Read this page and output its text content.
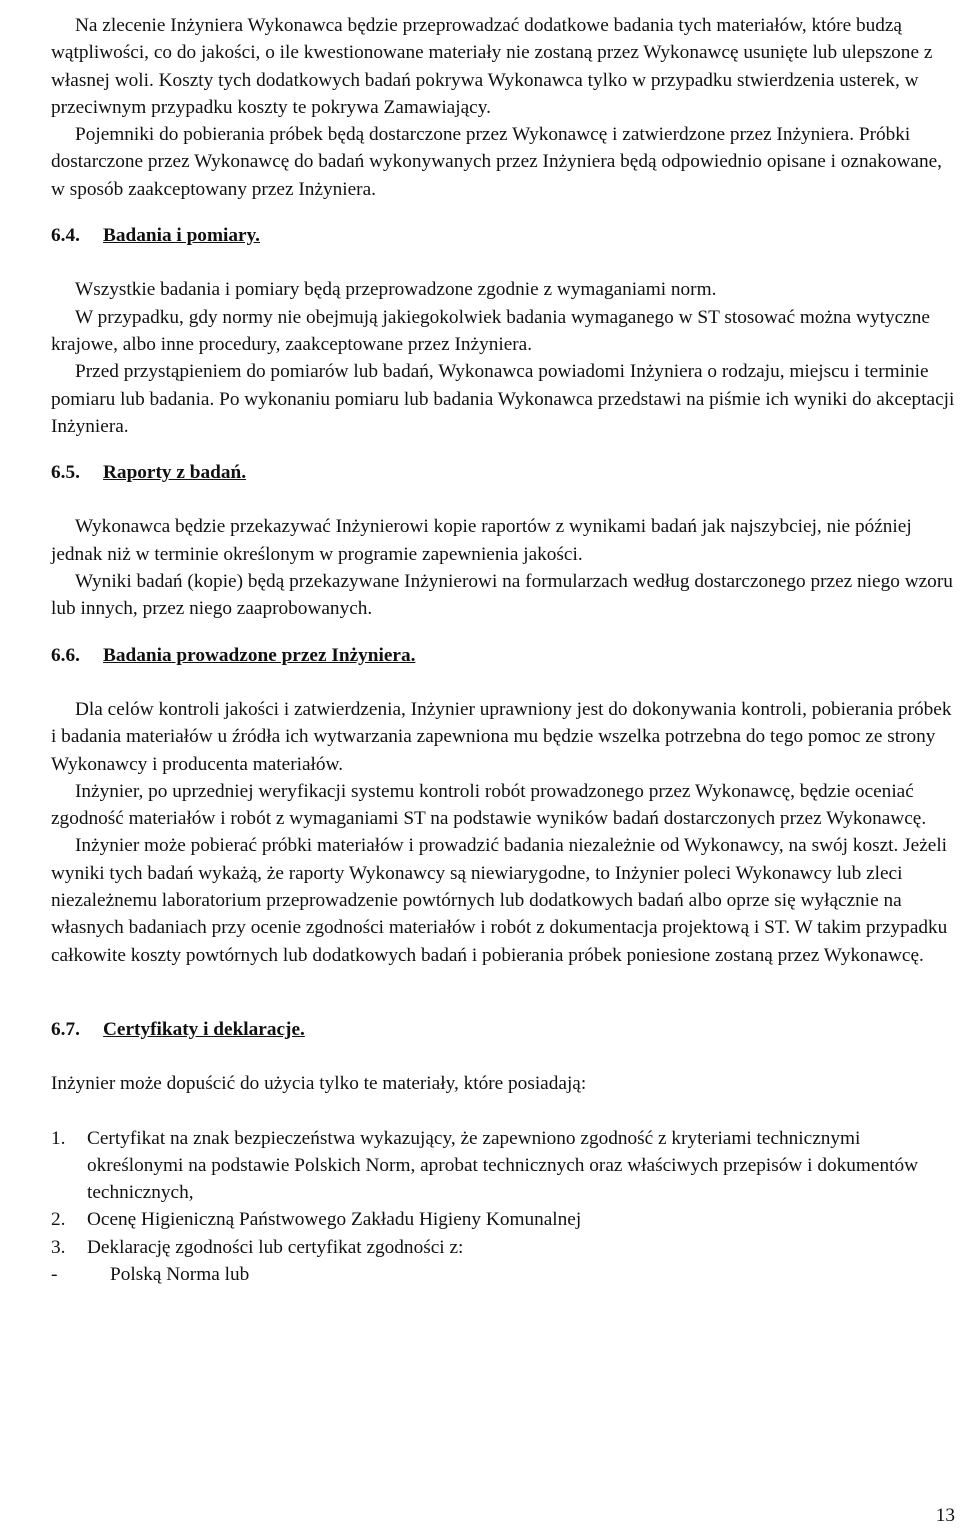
Na zlecenie Inżyniera Wykonawca będzie przeprowadzać dodatkowe badania tych materiałów, które budzą wątpliwości, co do jakości, o ile kwestionowane materiały nie zostaną przez Wykonawcę usunięte lub ulepszone z własnej woli. Koszty tych dodatkowych badań pokrywa Wykonawca tylko w przypadku stwierdzenia usterek, w przeciwnym przypadku koszty te pokrywa Zamawiający.

Pojemniki do pobierania próbek będą dostarczone przez Wykonawcę i zatwierdzone przez Inżyniera. Próbki dostarczone przez Wykonawcę do badań wykonywanych przez Inżyniera będą odpowiednio opisane i oznakowane, w sposób zaakceptowany przez Inżyniera.

6.4.	Badania i pomiary.

Wszystkie badania i pomiary będą przeprowadzone zgodnie z wymaganiami norm.

W przypadku, gdy normy nie obejmują jakiegokolwiek badania wymaganego w ST stosować można wytyczne krajowe, albo inne procedury, zaakceptowane przez Inżyniera.

Przed przystąpieniem do pomiarów lub badań, Wykonawca powiadomi Inżyniera o rodzaju, miejscu i terminie pomiaru lub badania. Po wykonaniu pomiaru lub badania Wykonawca przedstawi na piśmie ich wyniki do akceptacji Inżyniera.

6.5.	Raporty z badań.

Wykonawca będzie przekazywać Inżynierowi kopie raportów z wynikami badań jak najszybciej, nie później jednak niż w terminie określonym w programie zapewnienia jakości.

Wyniki badań (kopie) będą przekazywane Inżynierowi na formularzach według dostarczonego przez niego wzoru lub innych, przez niego zaaprobowanych.

6.6.	Badania prowadzone przez Inżyniera.

Dla celów kontroli jakości i zatwierdzenia, Inżynier uprawniony jest do dokonywania kontroli, pobierania próbek i badania materiałów u źródła ich wytwarzania zapewniona mu będzie wszelka potrzebna do tego pomoc ze strony Wykonawcy i producenta materiałów.

Inżynier, po uprzedniej weryfikacji systemu kontroli robót prowadzonego przez Wykonawcę, będzie oceniać zgodność materiałów i robót z wymaganiami ST na podstawie wyników badań dostarczonych przez Wykonawcę.

Inżynier może pobierać próbki materiałów i prowadzić badania niezależnie od Wykonawcy, na swój koszt. Jeżeli wyniki tych badań wykażą, że raporty Wykonawcy są niewiarygodne, to Inżynier poleci Wykonawcy lub zleci niezależnemu laboratorium przeprowadzenie powtórnych lub dodatkowych badań albo oprze się wyłącznie na własnych badaniach przy ocenie zgodności materiałów i robót z dokumentacja projektową i ST. W takim przypadku całkowite koszty powtórnych lub dodatkowych badań i pobierania próbek poniesione zostaną przez Wykonawcę.

6.7.	Certyfikaty i deklaracje.

Inżynier może dopuścić do użycia tylko te materiały, które posiadają:

1.	Certyfikat na znak bezpieczeństwa wykazujący, że zapewniono zgodność z kryteriami technicznymi określonymi na podstawie Polskich Norm, aprobat technicznych oraz właściwych przepisów i dokumentów technicznych,
2.	Ocenę Higieniczną Państwowego Zakładu Higieny Komunalnej
3.	Deklarację zgodności lub certyfikat zgodności z:
-	Polską Norma lub
13
